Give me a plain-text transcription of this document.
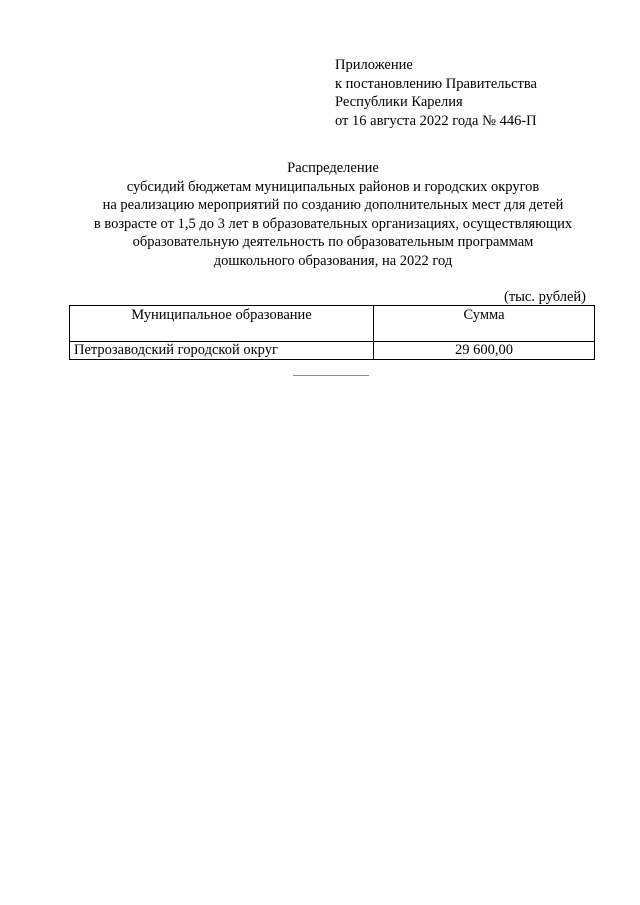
Приложение
к постановлению Правительства
Республики Карелия
от 16 августа 2022 года № 446-П
Распределение
субсидий бюджетам муниципальных районов и городских округов
на реализацию мероприятий по созданию дополнительных мест для детей
в возрасте от 1,5 до 3 лет в образовательных организациях, осуществляющих
образовательную деятельность по образовательным программам
дошкольного образования, на 2022 год
(тыс. рублей)
Муниципальное образование	Сумма
Петрозаводский городской округ	29 600,00
